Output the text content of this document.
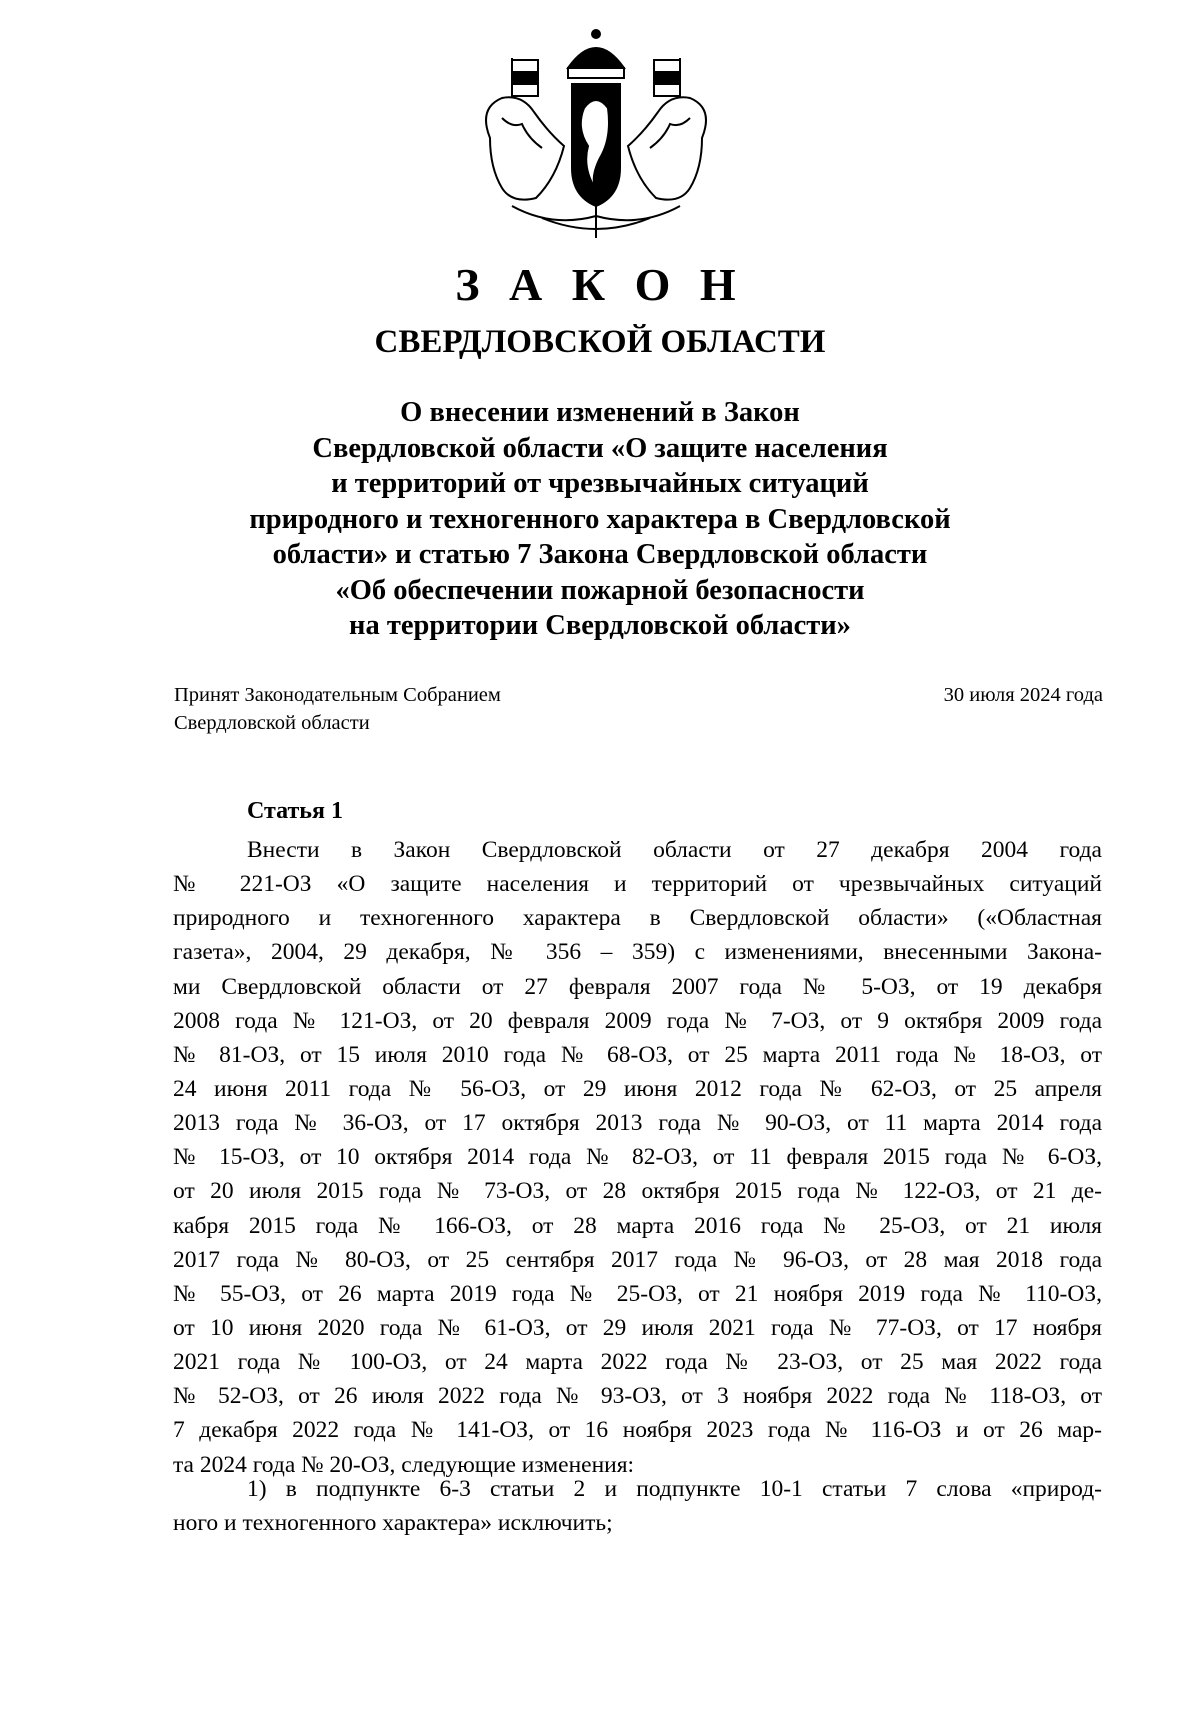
З А К О Н
СВЕРДЛОВСКОЙ ОБЛАСТИ
О внесении изменений в Закон
Свердловской области «О защите населения
и территорий от чрезвычайных ситуаций
природного и техногенного характера в Свердловской
области» и статью 7 Закона Свердловской области
«Об обеспечении пожарной безопасности
на территории Свердловской области»
Принят Законодательным Собранием
Свердловской области
30 июля 2024 года
Статья 1
Внести в Закон Свердловской области от 27 декабря 2004 года
№ 221-ОЗ «О защите населения и территорий от чрезвычайных ситуаций
природного и техногенного характера в Свердловской области» («Областная
газета», 2004, 29 декабря, № 356 – 359) с изменениями, внесенными Закона-
ми Свердловской области от 27 февраля 2007 года № 5-ОЗ, от 19 декабря
2008 года № 121-ОЗ, от 20 февраля 2009 года № 7-ОЗ, от 9 октября 2009 года
№ 81-ОЗ, от 15 июля 2010 года № 68-ОЗ, от 25 марта 2011 года № 18-ОЗ, от
24 июня 2011 года № 56-ОЗ, от 29 июня 2012 года № 62-ОЗ, от 25 апреля
2013 года № 36-ОЗ, от 17 октября 2013 года № 90-ОЗ, от 11 марта 2014 года
№ 15-ОЗ, от 10 октября 2014 года № 82-ОЗ, от 11 февраля 2015 года № 6-ОЗ,
от 20 июля 2015 года № 73-ОЗ, от 28 октября 2015 года № 122-ОЗ, от 21 де-
кабря 2015 года № 166-ОЗ, от 28 марта 2016 года № 25-ОЗ, от 21 июля
2017 года № 80-ОЗ, от 25 сентября 2017 года № 96-ОЗ, от 28 мая 2018 года
№ 55-ОЗ, от 26 марта 2019 года № 25-ОЗ, от 21 ноября 2019 года № 110-ОЗ,
от 10 июня 2020 года № 61-ОЗ, от 29 июля 2021 года № 77-ОЗ, от 17 ноября
2021 года № 100-ОЗ, от 24 марта 2022 года № 23-ОЗ, от 25 мая 2022 года
№ 52-ОЗ, от 26 июля 2022 года № 93-ОЗ, от 3 ноября 2022 года № 118-ОЗ, от
7 декабря 2022 года № 141-ОЗ, от 16 ноября 2023 года № 116-ОЗ и от 26 мар-
та 2024 года № 20-ОЗ, следующие изменения:
1) в подпункте 6-3 статьи 2 и подпункте 10-1 статьи 7 слова «природ-
ного и техногенного характера» исключить;
